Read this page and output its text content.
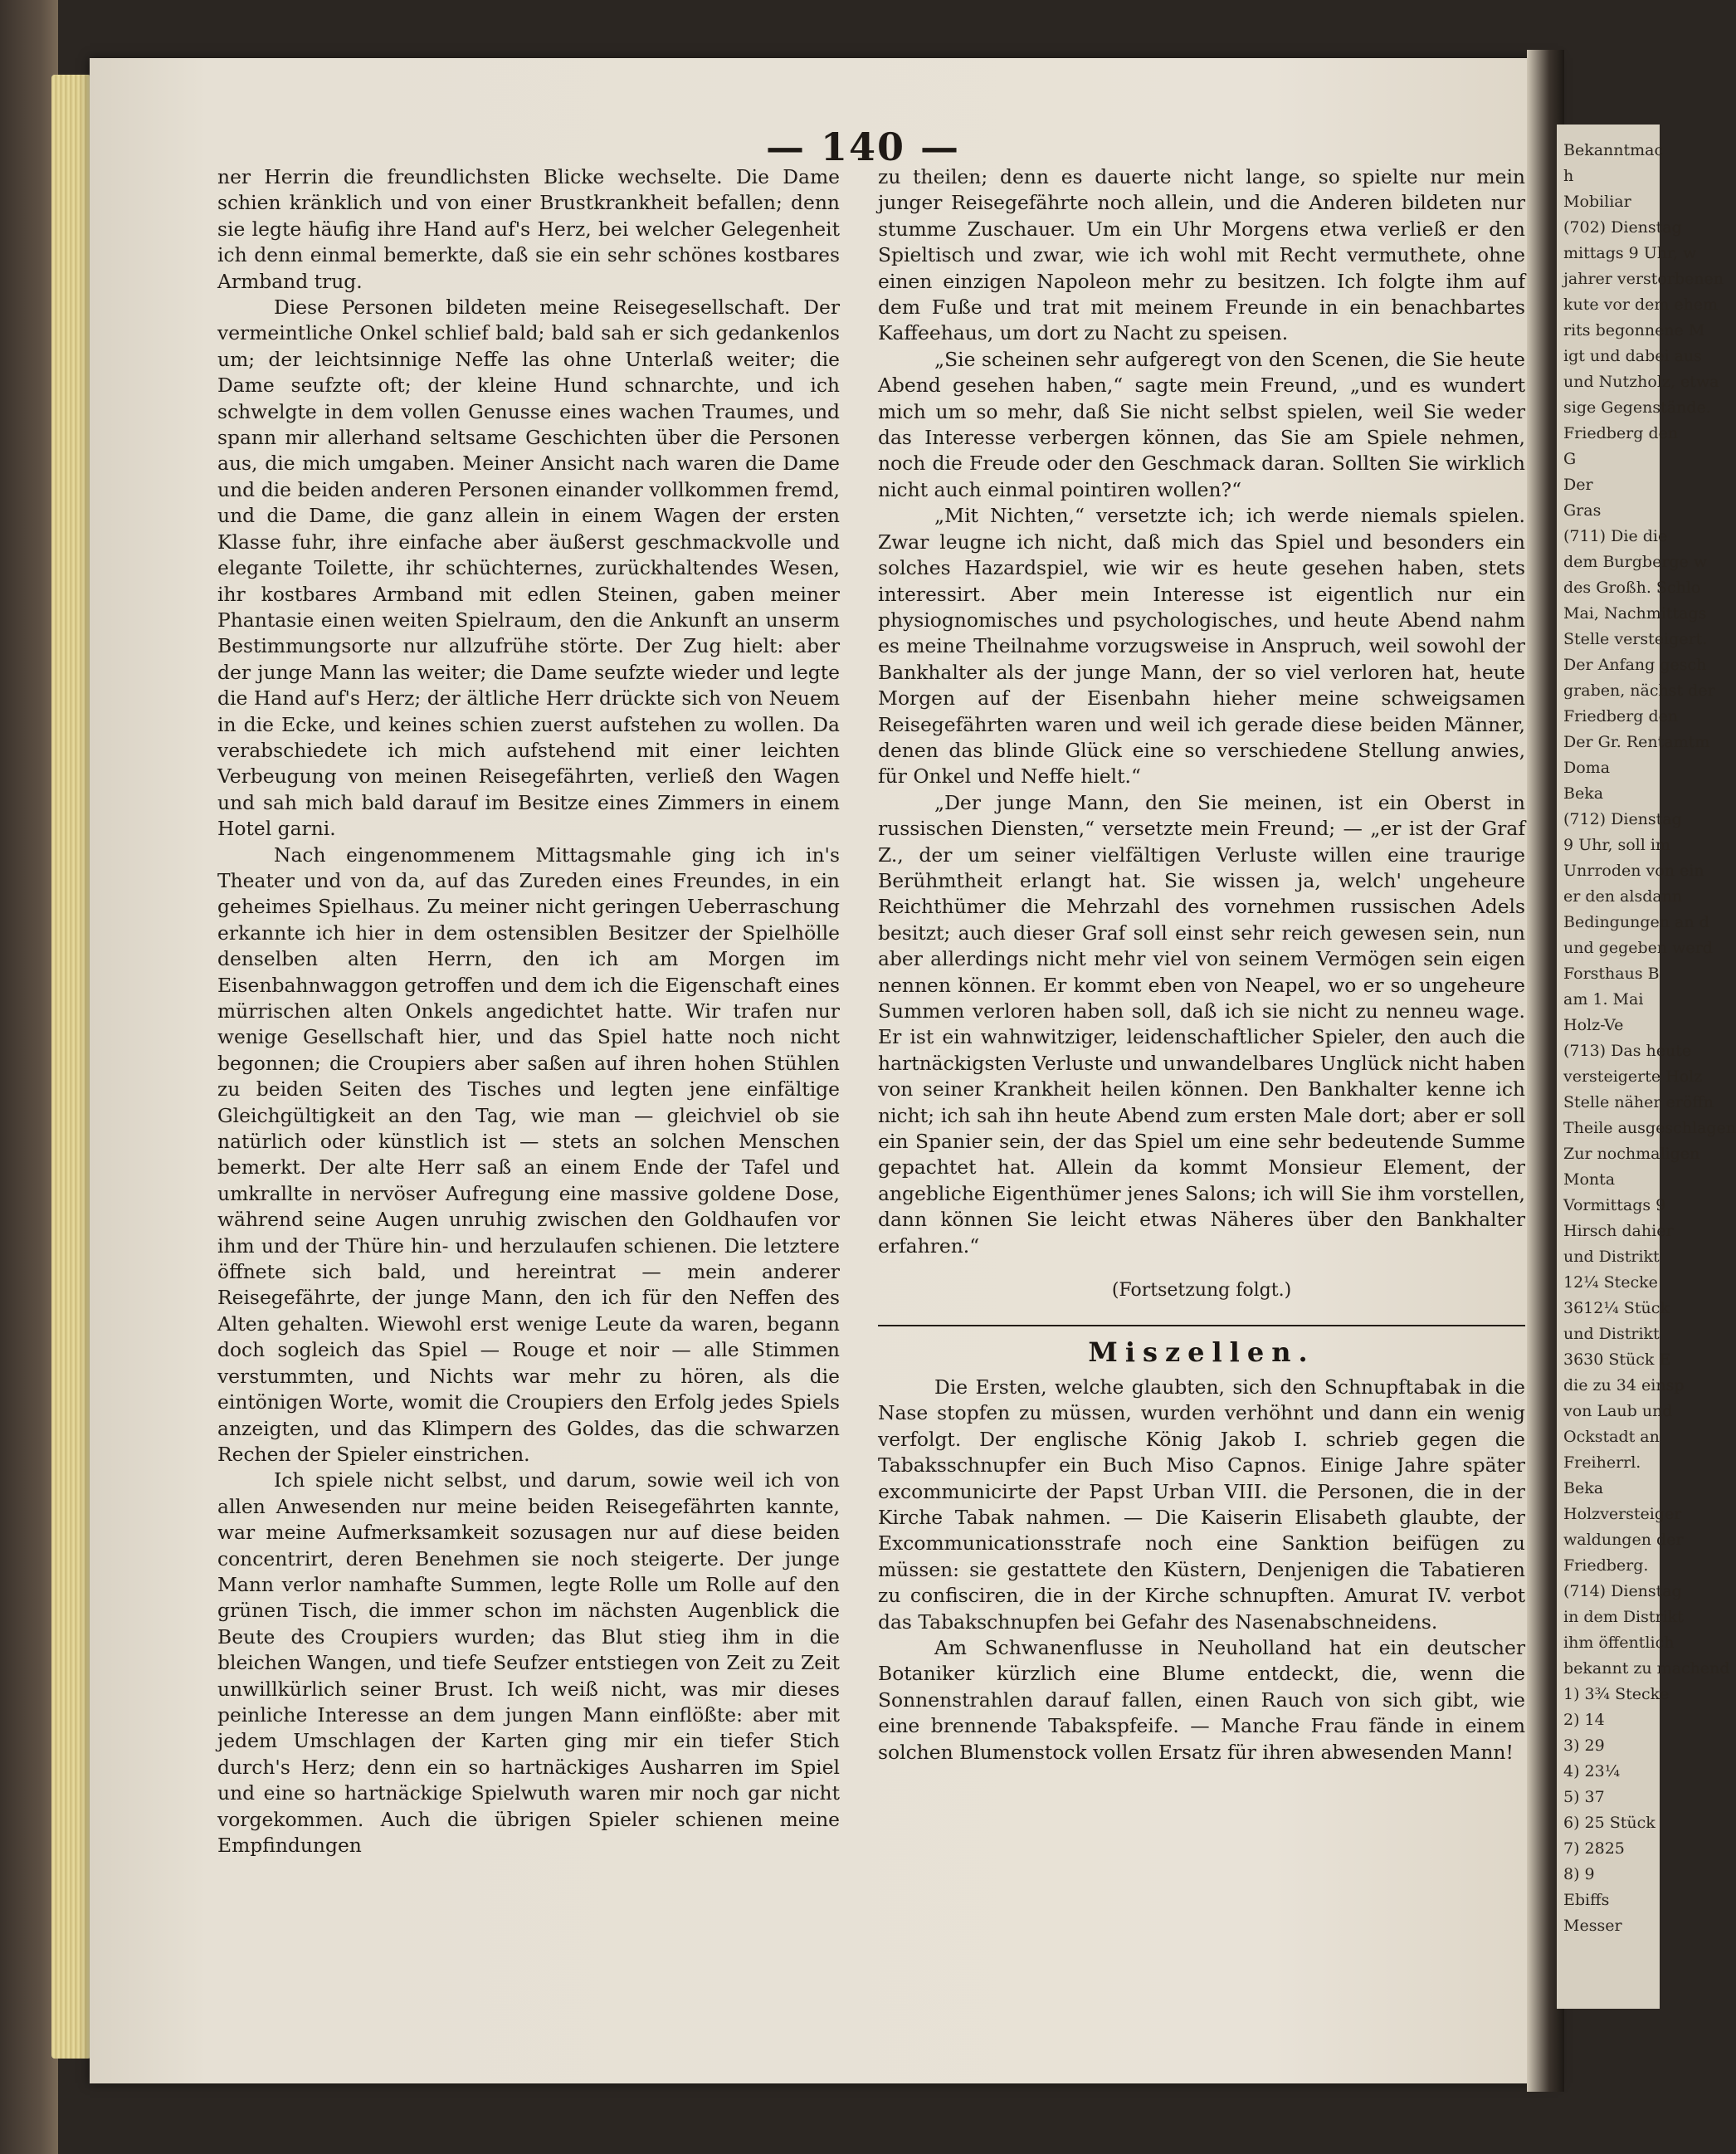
Bekanntmac
h
Mobiliar
(702) Dienstag
mittags 9 Uhr, w
jahrer verstorbenen
kute vor dem ehem
rits begonnene M
igt und dabei aus
und Nutzholz, etwa
sige Gegenstände.
Friedberg den
G
Der
Gras
(711) Die die
dem Burgberge w
des Großh. Schlo
Mai, Nachmittags
Stelle versteigert.
Der Anfang gesch
graben, nächst der
Friedberg den
Der Gr. Rentamtm
Doma
Beka
(712) Dienstag
9 Uhr, soll im
Unrroden von ein
er den alsdann
Bedingungen an d
und gegeben werd
Forsthaus B
am 1. Mai
Holz-Ve
(713) Das heute
versteigerte Holz
Stelle näher eröffn
Theile ausgeschlagen
Zur nochmaligen
Monta
Vormittags 9
Hirsch dahier
und Distrikt
12¼ Stecke
3612¼ Stück
und Distrikt
3630 Stück E
die zu 34 einsp
von Laub und
Ockstadt an
Freiherrl.
Beka
Holzversteiger
waldungen der
Friedberg.
(714) Dienstag
in dem Distrikt
ihm öffentlich
bekannt zu machend
1) 3¾ Stecke
2) 14
3) 29
4) 23¼
5) 37
6) 25 Stück
7) 2825
8) 9
Ebiffs
Messer
— 140 —

ner Herrin die freundlichsten Blicke wechselte. Die Dame schien kränklich und von einer Brustkrankheit befallen; denn sie legte häufig ihre Hand auf's Herz, bei welcher Gelegenheit ich denn einmal bemerkte, daß sie ein sehr schönes kostbares Armband trug.

Diese Personen bildeten meine Reisegesellschaft. Der vermeintliche Onkel schlief bald; bald sah er sich gedankenlos um; der leichtsinnige Neffe las ohne Unterlaß weiter; die Dame seufzte oft; der kleine Hund schnarchte, und ich schwelgte in dem vollen Genusse eines wachen Traumes, und spann mir allerhand seltsame Geschichten über die Personen aus, die mich umgaben. Meiner Ansicht nach waren die Dame und die beiden anderen Personen einander vollkommen fremd, und die Dame, die ganz allein in einem Wagen der ersten Klasse fuhr, ihre einfache aber äußerst geschmackvolle und elegante Toilette, ihr schüchternes, zurückhaltendes Wesen, ihr kostbares Armband mit edlen Steinen, gaben meiner Phantasie einen weiten Spielraum, den die Ankunft an unserm Bestimmungsorte nur allzufrühe störte. Der Zug hielt: aber der junge Mann las weiter; die Dame seufzte wieder und legte die Hand auf's Herz; der ältliche Herr drückte sich von Neuem in die Ecke, und keines schien zuerst aufstehen zu wollen. Da verabschiedete ich mich aufstehend mit einer leichten Verbeugung von meinen Reisegefährten, verließ den Wagen und sah mich bald darauf im Besitze eines Zimmers in einem Hotel garni.

Nach eingenommenem Mittagsmahle ging ich in's Theater und von da, auf das Zureden eines Freundes, in ein geheimes Spielhaus. Zu meiner nicht geringen Ueberraschung erkannte ich hier in dem ostensiblen Besitzer der Spielhölle denselben alten Herrn, den ich am Morgen im Eisenbahnwaggon getroffen und dem ich die Eigenschaft eines mürrischen alten Onkels angedichtet hatte. Wir trafen nur wenige Gesellschaft hier, und das Spiel hatte noch nicht begonnen; die Croupiers aber saßen auf ihren hohen Stühlen zu beiden Seiten des Tisches und legten jene einfältige Gleichgültigkeit an den Tag, wie man — gleichviel ob sie natürlich oder künstlich ist — stets an solchen Menschen bemerkt. Der alte Herr saß an einem Ende der Tafel und umkrallte in nervöser Aufregung eine massive goldene Dose, während seine Augen unruhig zwischen den Goldhaufen vor ihm und der Thüre hin- und herzulaufen schienen. Die letztere öffnete sich bald, und hereintrat — mein anderer Reisegefährte, der junge Mann, den ich für den Neffen des Alten gehalten. Wiewohl erst wenige Leute da waren, begann doch sogleich das Spiel — Rouge et noir — alle Stimmen verstummten, und Nichts war mehr zu hören, als die eintönigen Worte, womit die Croupiers den Erfolg jedes Spiels anzeigten, und das Klimpern des Goldes, das die schwarzen Rechen der Spieler einstrichen.

Ich spiele nicht selbst, und darum, sowie weil ich von allen Anwesenden nur meine beiden Reisegefährten kannte, war meine Aufmerksamkeit sozusagen nur auf diese beiden concentrirt, deren Benehmen sie noch steigerte. Der junge Mann verlor namhafte Summen, legte Rolle um Rolle auf den grünen Tisch, die immer schon im nächsten Augenblick die Beute des Croupiers wurden; das Blut stieg ihm in die bleichen Wangen, und tiefe Seufzer entstiegen von Zeit zu Zeit unwillkürlich seiner Brust. Ich weiß nicht, was mir dieses peinliche Interesse an dem jungen Mann einflößte: aber mit jedem Umschlagen der Karten ging mir ein tiefer Stich durch's Herz; denn ein so hartnäckiges Ausharren im Spiel und eine so hartnäckige Spielwuth waren mir noch gar nicht vorgekommen. Auch die übrigen Spieler schienen meine Empfindungen

zu theilen; denn es dauerte nicht lange, so spielte nur mein junger Reisegefährte noch allein, und die Anderen bildeten nur stumme Zuschauer. Um ein Uhr Morgens etwa verließ er den Spieltisch und zwar, wie ich wohl mit Recht vermuthete, ohne einen einzigen Napoleon mehr zu besitzen. Ich folgte ihm auf dem Fuße und trat mit meinem Freunde in ein benachbartes Kaffeehaus, um dort zu Nacht zu speisen.

„Sie scheinen sehr aufgeregt von den Scenen, die Sie heute Abend gesehen haben,“ sagte mein Freund, „und es wundert mich um so mehr, daß Sie nicht selbst spielen, weil Sie weder das Interesse verbergen können, das Sie am Spiele nehmen, noch die Freude oder den Geschmack daran. Sollten Sie wirklich nicht auch einmal pointiren wollen?“

„Mit Nichten,“ versetzte ich; ich werde niemals spielen. Zwar leugne ich nicht, daß mich das Spiel und besonders ein solches Hazardspiel, wie wir es heute gesehen haben, stets interessirt. Aber mein Interesse ist eigentlich nur ein physiognomisches und psychologisches, und heute Abend nahm es meine Theilnahme vorzugsweise in Anspruch, weil sowohl der Bankhalter als der junge Mann, der so viel verloren hat, heute Morgen auf der Eisenbahn hieher meine schweigsamen Reisegefährten waren und weil ich gerade diese beiden Männer, denen das blinde Glück eine so verschiedene Stellung anwies, für Onkel und Neffe hielt.“

„Der junge Mann, den Sie meinen, ist ein Oberst in russischen Diensten,“ versetzte mein Freund; — „er ist der Graf Z., der um seiner vielfältigen Verluste willen eine traurige Berühmtheit erlangt hat. Sie wissen ja, welch' ungeheure Reichthümer die Mehrzahl des vornehmen russischen Adels besitzt; auch dieser Graf soll einst sehr reich gewesen sein, nun aber allerdings nicht mehr viel von seinem Vermögen sein eigen nennen können. Er kommt eben von Neapel, wo er so ungeheure Summen verloren haben soll, daß ich sie nicht zu nenneu wage. Er ist ein wahnwitziger, leidenschaftlicher Spieler, den auch die hartnäckigsten Verluste und unwandelbares Unglück nicht haben von seiner Krankheit heilen können. Den Bankhalter kenne ich nicht; ich sah ihn heute Abend zum ersten Male dort; aber er soll ein Spanier sein, der das Spiel um eine sehr bedeutende Summe gepachtet hat. Allein da kommt Monsieur Element, der angebliche Eigenthümer jenes Salons; ich will Sie ihm vorstellen, dann können Sie leicht etwas Näheres über den Bankhalter erfahren.“

(Fortsetzung folgt.)
Miszellen.

Die Ersten, welche glaubten, sich den Schnupftabak in die Nase stopfen zu müssen, wurden verhöhnt und dann ein wenig verfolgt. Der englische König Jakob I. schrieb gegen die Tabaksschnupfer ein Buch Miso Capnos. Einige Jahre später excommunicirte der Papst Urban VIII. die Personen, die in der Kirche Tabak nahmen. — Die Kaiserin Elisabeth glaubte, der Excommunicationsstrafe noch eine Sanktion beifügen zu müssen: sie gestattete den Küstern, Denjenigen die Tabatieren zu confisciren, die in der Kirche schnupften. Amurat IV. verbot das Tabakschnupfen bei Gefahr des Nasenabschneidens.

Am Schwanenflusse in Neuholland hat ein deutscher Botaniker kürzlich eine Blume entdeckt, die, wenn die Sonnenstrahlen darauf fallen, einen Rauch von sich gibt, wie eine brennende Tabakspfeife. — Manche Frau fände in einem solchen Blumenstock vollen Ersatz für ihren abwesenden Mann!
